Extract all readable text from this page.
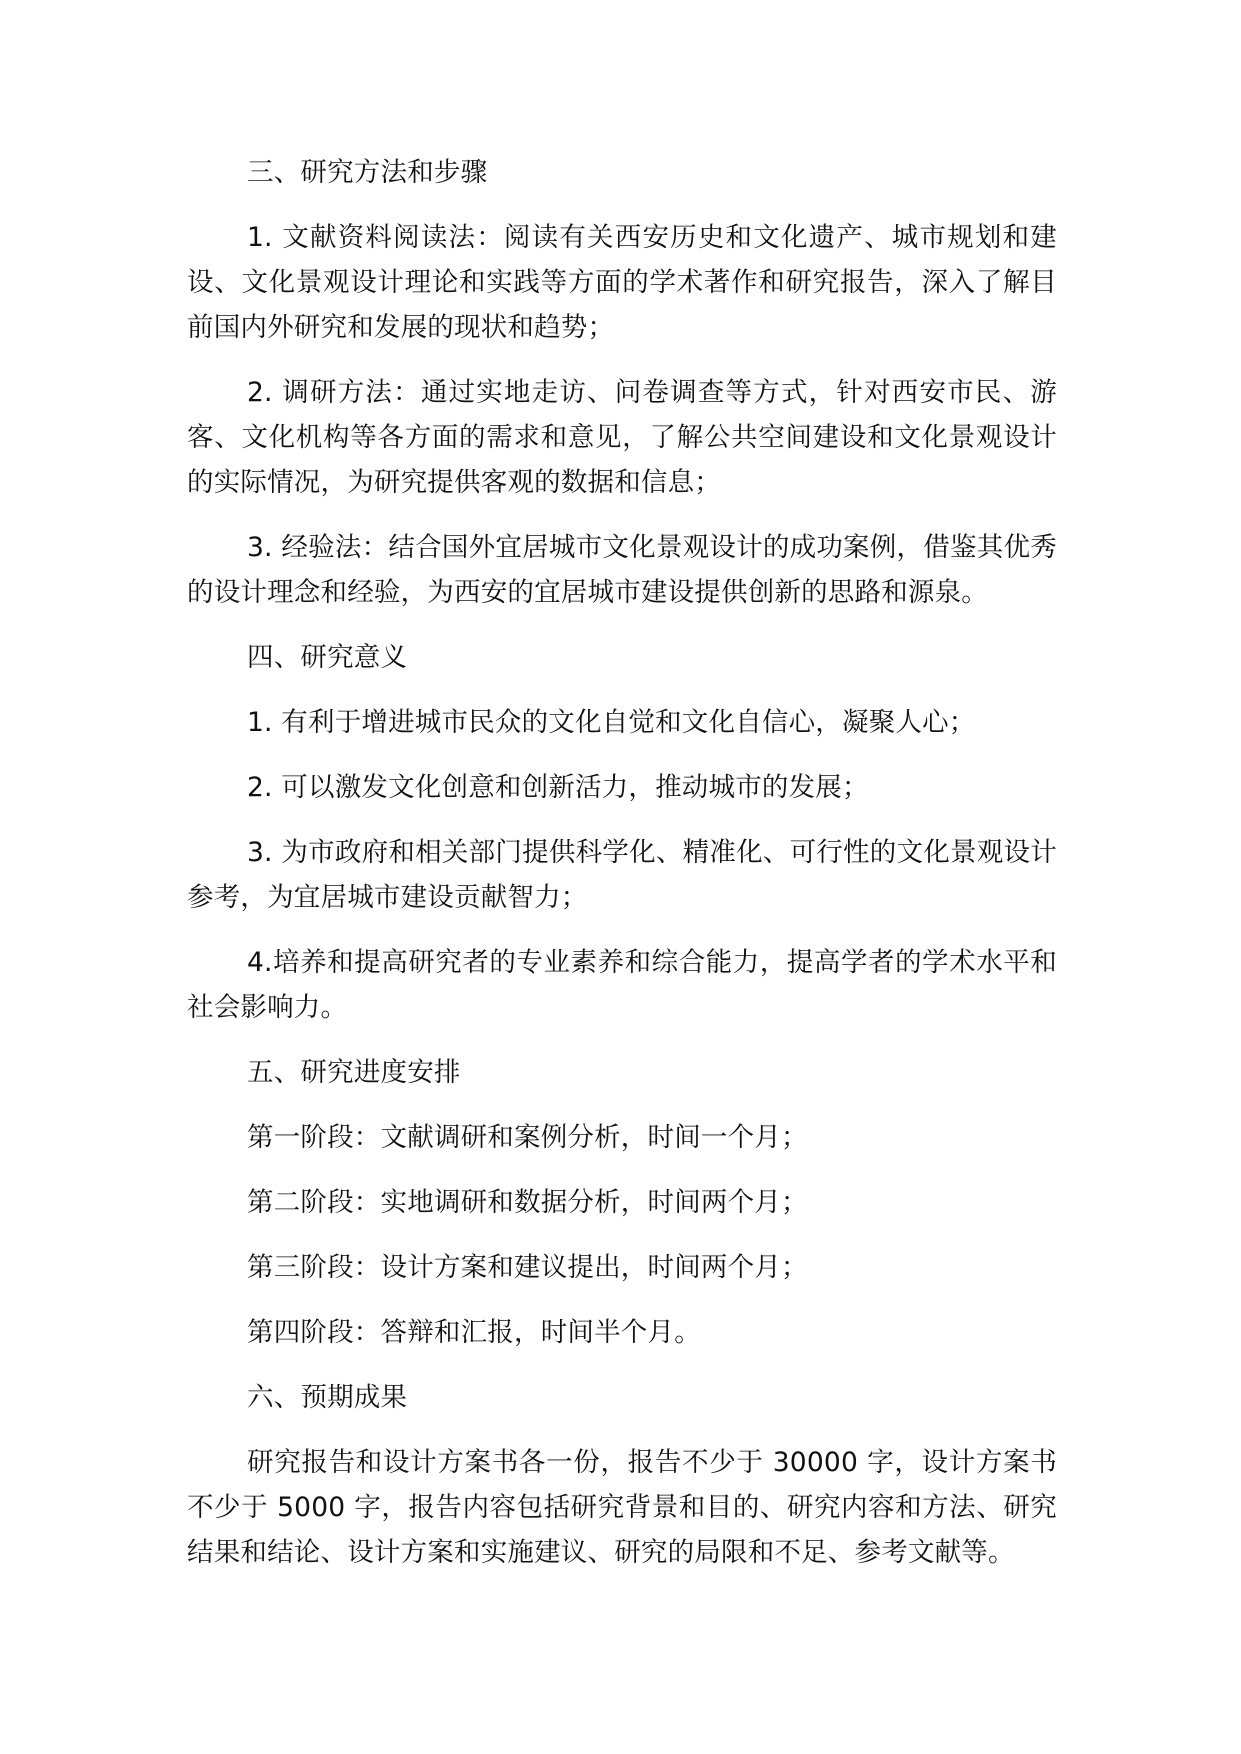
三、研究方法和步骤

1. 文献资料阅读法：阅读有关西安历史和文化遗产、城市规划和建设、文化景观设计理论和实践等方面的学术著作和研究报告，深入了解目前国内外研究和发展的现状和趋势；

2. 调研方法：通过实地走访、问卷调查等方式，针对西安市民、游客、文化机构等各方面的需求和意见，了解公共空间建设和文化景观设计的实际情况，为研究提供客观的数据和信息；

3. 经验法：结合国外宜居城市文化景观设计的成功案例，借鉴其优秀的设计理念和经验，为西安的宜居城市建设提供创新的思路和源泉。

四、研究意义

1. 有利于增进城市民众的文化自觉和文化自信心，凝聚人心；

2. 可以激发文化创意和创新活力，推动城市的发展；

3. 为市政府和相关部门提供科学化、精准化、可行性的文化景观设计参考，为宜居城市建设贡献智力；

4.培养和提高研究者的专业素养和综合能力，提高学者的学术水平和社会影响力。

五、研究进度安排

第一阶段：文献调研和案例分析，时间一个月；

第二阶段：实地调研和数据分析，时间两个月；

第三阶段：设计方案和建议提出，时间两个月；

第四阶段：答辩和汇报，时间半个月。

六、预期成果

研究报告和设计方案书各一份，报告不少于 30000 字，设计方案书不少于 5000 字，报告内容包括研究背景和目的、研究内容和方法、研究结果和结论、设计方案和实施建议、研究的局限和不足、参考文献等。
